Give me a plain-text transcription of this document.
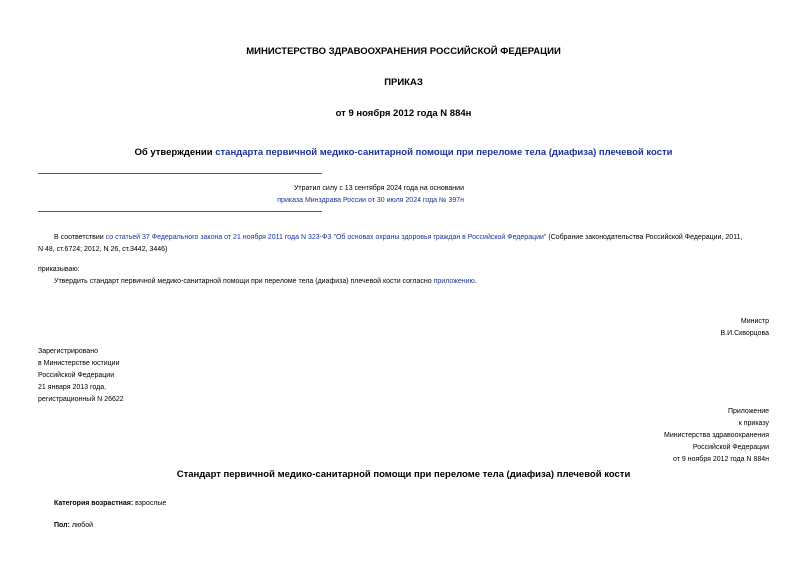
МИНИСТЕРСТВО ЗДРАВООХРАНЕНИЯ РОССИЙСКОЙ ФЕДЕРАЦИИ
ПРИКАЗ
от 9 ноября 2012 года N 884н
Об утверждении стандарта первичной медико-санитарной помощи при переломе тела (диафиза) плечевой кости
Утратил силу с 13 сентября 2024 года на основании
приказа Минздрава России от 30 июля 2024 года № 397н
В соответствии со статьей 37 Федерального закона от 21 ноября 2011 года N 323-ФЗ "Об основах охраны здоровья граждан в Российской Федерации" (Собрание законодательства Российской Федерации, 2011,
N 48, ст.6724; 2012, N 26, ст.3442, 3446)
приказываю:
Утвердить стандарт первичной медико-санитарной помощи при переломе тела (диафиза) плечевой кости согласно приложению.
Министр
В.И.Скворцова
Зарегистрировано
в Министерстве юстиции
Российской Федерации
21 января 2013 года,
регистрационный N 26622
Приложение
к приказу
Министерства здравоохранения
Российской Федерации
от 9 ноября 2012 года N 884н
Стандарт первичной медико-санитарной помощи при переломе тела (диафиза) плечевой кости
Категория возрастная: взрослые
Пол: любой
